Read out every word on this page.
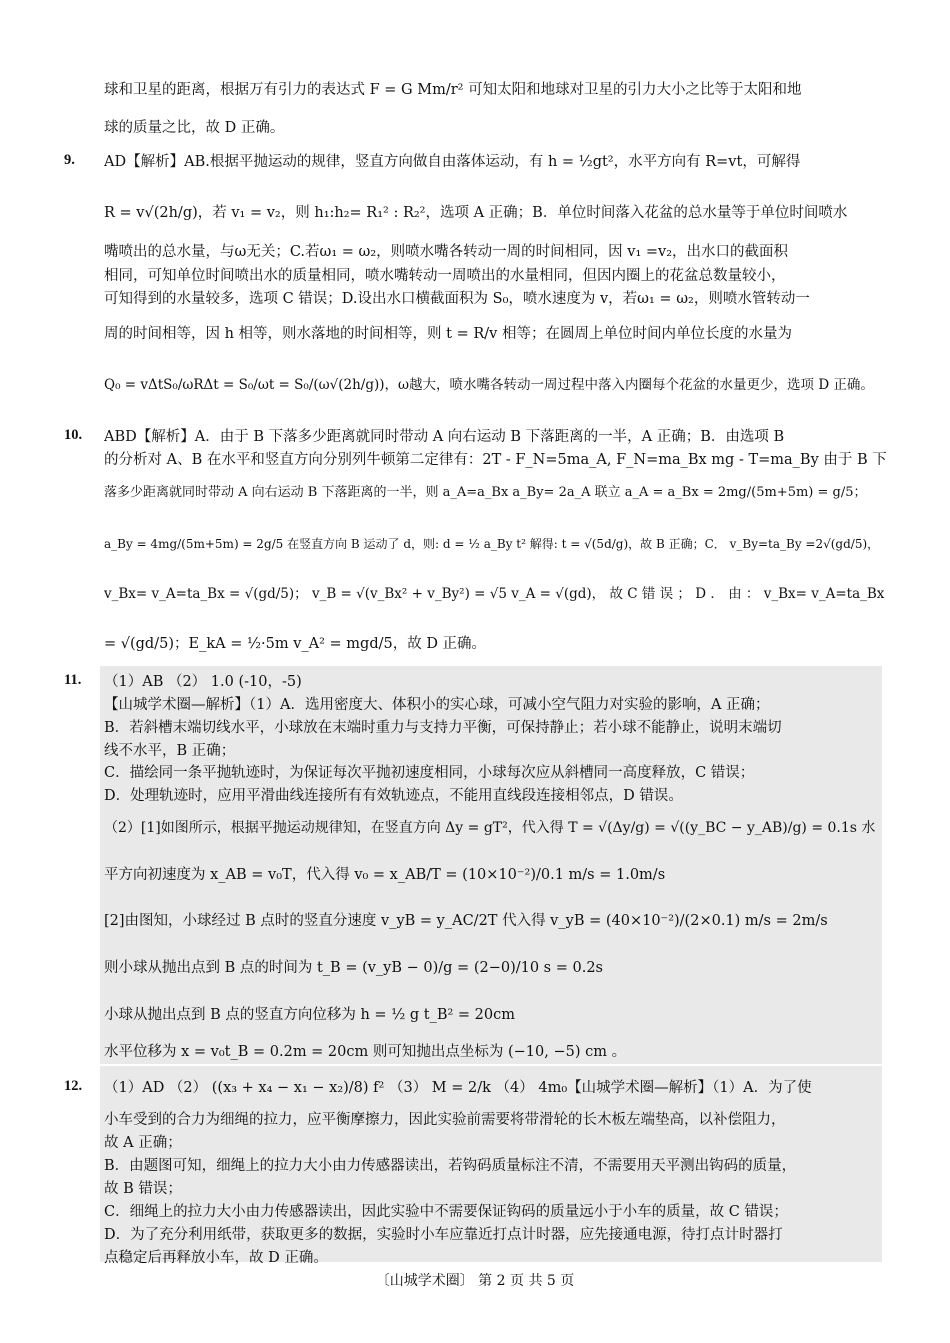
9.
10.
11.
12.
球和卫星的距离，根据万有引力的表达式 F = G Mm/r² 可知太阳和地球对卫星的引力大小之比等于太阳和地
球的质量之比，故 D 正确。
AD【解析】AB.根据平抛运动的规律，竖直方向做自由落体运动，有 h = ½gt²，水平方向有 R=vt，可解得
R = v√(2h/g)，若 v₁ = v₂，则 h₁:h₂= R₁² : R₂²，选项 A 正确；B．单位时间落入花盆的总水量等于单位时间喷水
嘴喷出的总水量，与ω无关；C.若ω₁ = ω₂，则喷水嘴各转动一周的时间相同，因 v₁ =v₂，出水口的截面积
相同，可知单位时间喷出水的质量相同，喷水嘴转动一周喷出的水量相同，但因内圈上的花盆总数量较小，
可知得到的水量较多，选项 C 错误；D.设出水口横截面积为 S₀，喷水速度为 v，若ω₁ = ω₂，则喷水管转动一
周的时间相等，因 h 相等，则水落地的时间相等，则 t = R/v 相等；在圆周上单位时间内单位长度的水量为
Q₀ = vΔtS₀/ωRΔt = S₀/ωt = S₀/(ω√(2h/g))，ω越大，喷水嘴各转动一周过程中落入内圈每个花盆的水量更少，选项 D 正确。
ABD【解析】A．由于 B 下落多少距离就同时带动 A 向右运动 B 下落距离的一半，A 正确；B．由选项 B
的分析对 A、B 在水平和竖直方向分别列牛顿第二定律有：2T - F_N=5ma_A, F_N=ma_Bx mg - T=ma_By 由于 B 下
落多少距离就同时带动 A 向右运动 B 下落距离的一半，则 a_A=a_Bx a_By= 2a_A 联立 a_A = a_Bx = 2mg/(5m+5m) = g/5；
a_By = 4mg/(5m+5m) = 2g/5 在竖直方向 B 运动了 d，则: d = ½ a_By t² 解得: t = √(5d/g)，故 B 正确；C． v_By=ta_By =2√(gd/5)，
v_Bx= v_A=ta_Bx = √(gd/5)； v_B = √(v_Bx² + v_By²) = √5 v_A = √(gd)， 故 C 错 误 ； D ． 由 ： v_Bx= v_A=ta_Bx
= √(gd/5)；E_kA = ½·5m v_A² = mgd/5，故 D 正确。
（1）AB （2） 1.0 (-10，-5)
【山城学术圈—解析】（1）A．选用密度大、体积小的实心球，可减小空气阻力对实验的影响，A 正确；
B．若斜槽末端切线水平，小球放在末端时重力与支持力平衡，可保持静止；若小球不能静止，说明末端切
线不水平，B 正确；
C．描绘同一条平抛轨迹时，为保证每次平抛初速度相同，小球每次应从斜槽同一高度释放，C 错误；
D．处理轨迹时，应用平滑曲线连接所有有效轨迹点，不能用直线段连接相邻点，D 错误。
（2）[1]如图所示，根据平抛运动规律知，在竖直方向 Δy = gT²，代入得 T = √(Δy/g) = √((y_BC − y_AB)/g) = 0.1s 水
平方向初速度为 x_AB = v₀T，代入得 v₀ = x_AB/T = (10×10⁻²)/0.1 m/s = 1.0m/s
[2]由图知，小球经过 B 点时的竖直分速度 v_yB = y_AC/2T 代入得 v_yB = (40×10⁻²)/(2×0.1) m/s = 2m/s
则小球从抛出点到 B 点的时间为 t_B = (v_yB − 0)/g = (2−0)/10 s = 0.2s
小球从抛出点到 B 点的竖直方向位移为 h = ½ g t_B² = 20cm
水平位移为 x = v₀t_B = 0.2m = 20cm 则可知抛出点坐标为 (−10, −5) cm 。
（1）AD （2） ((x₃ + x₄ − x₁ − x₂)/8) f² （3） M = 2/k （4） 4m₀【山城学术圈—解析】（1）A．为了使
小车受到的合力为细绳的拉力，应平衡摩擦力，因此实验前需要将带滑轮的长木板左端垫高，以补偿阻力，
故 A 正确；
B．由题图可知，细绳上的拉力大小由力传感器读出，若钩码质量标注不清，不需要用天平测出钩码的质量，
故 B 错误；
C．细绳上的拉力大小由力传感器读出，因此实验中不需要保证钩码的质量远小于小车的质量，故 C 错误；
D．为了充分利用纸带，获取更多的数据，实验时小车应靠近打点计时器，应先接通电源，待打点计时器打
点稳定后再释放小车，故 D 正确。
〔山城学术圈〕 第 2 页 共 5 页
